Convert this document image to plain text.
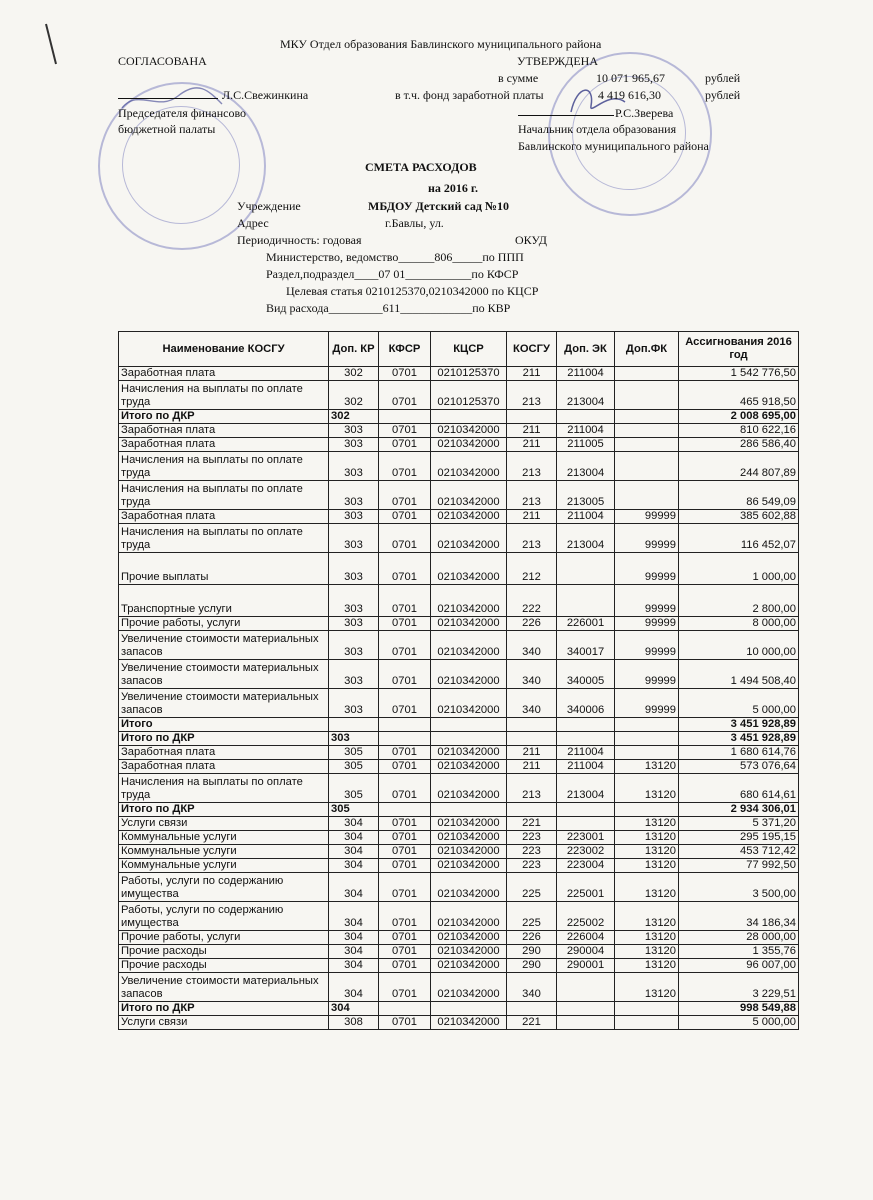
МКУ Отдел образования Бавлинского муниципального района
СОГЛАСОВАНА	УТВЕРЖДЕНА
в сумме	10 071 965,67	рублей
Л.С.Свежинкина	в т.ч. фонд заработной платы	4 419 616,30	рублей
Председателя финансово	Р.С.Зверева
бюджетной палаты	Начальник отдела образования
Бавлинского муниципального района
СМЕТА РАСХОДОВ
на 2016 г.
Учреждение	МБДОУ Детский сад №10
Адрес	г.Бавлы, ул.
Периодичность: годовая	ОКУД
Министерство, ведомство______806_____по ППП
Раздел,подраздел____07 01___________по КФСР
Целевая статья 0210125370,0210342000 по КЦСР
Вид расхода_________611____________по КВР
Наименование КОСГУ	Доп. КР	КФСР	КЦСР	КОСГУ	Доп. ЭК	Доп.ФК	Ассигнования 2016 год
Заработная плата	302	0701	0210125370	211	211004		1 542 776,50
Начисления на выплаты по оплате труда	302	0701	0210125370	213	213004		465 918,50
Итого по ДКР	302						2 008 695,00
Заработная плата	303	0701	0210342000	211	211004		810 622,16
Заработная плата	303	0701	0210342000	211	211005		286 586,40
Начисления на выплаты по оплате труда	303	0701	0210342000	213	213004		244 807,89
Начисления на выплаты по оплате труда	303	0701	0210342000	213	213005		86 549,09
Заработная плата	303	0701	0210342000	211	211004	99999	385 602,88
Начисления на выплаты по оплате труда	303	0701	0210342000	213	213004	99999	116 452,07
Прочие выплаты	303	0701	0210342000	212		99999	1 000,00
Транспортные услуги	303	0701	0210342000	222		99999	2 800,00
Прочие работы, услуги	303	0701	0210342000	226	226001	99999	8 000,00
Увеличение стоимости материальных запасов	303	0701	0210342000	340	340017	99999	10 000,00
Увеличение стоимости материальных запасов	303	0701	0210342000	340	340005	99999	1 494 508,40
Увеличение стоимости материальных запасов	303	0701	0210342000	340	340006	99999	5 000,00
Итого							3 451 928,89
Итого по ДКР	303						3 451 928,89
Заработная плата	305	0701	0210342000	211	211004		1 680 614,76
Заработная плата	305	0701	0210342000	211	211004	13120	573 076,64
Начисления на выплаты по оплате труда	305	0701	0210342000	213	213004	13120	680 614,61
Итого по ДКР	305						2 934 306,01
Услуги связи	304	0701	0210342000	221		13120	5 371,20
Коммунальные услуги	304	0701	0210342000	223	223001	13120	295 195,15
Коммунальные услуги	304	0701	0210342000	223	223002	13120	453 712,42
Коммунальные услуги	304	0701	0210342000	223	223004	13120	77 992,50
Работы, услуги по содержанию имущества	304	0701	0210342000	225	225001	13120	3 500,00
Работы, услуги по содержанию имущества	304	0701	0210342000	225	225002	13120	34 186,34
Прочие работы, услуги	304	0701	0210342000	226	226004	13120	28 000,00
Прочие расходы	304	0701	0210342000	290	290004	13120	1 355,76
Прочие расходы	304	0701	0210342000	290	290001	13120	96 007,00
Увеличение стоимости материальных запасов	304	0701	0210342000	340		13120	3 229,51
Итого по ДКР	304						998 549,88
Услуги связи	308	0701	0210342000	221			5 000,00
